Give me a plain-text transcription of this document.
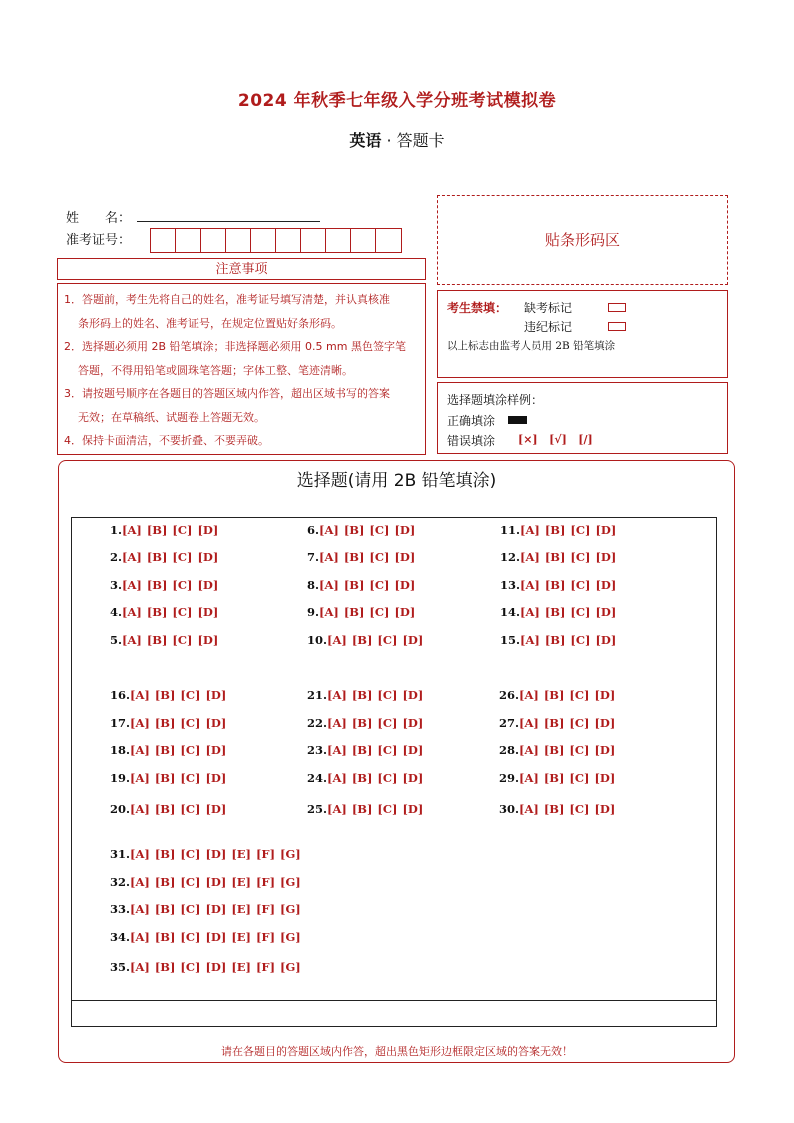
2024 年秋季七年级入学分班考试模拟卷
英语 · 答题卡
姓　　名：
准考证号：
注意事项
1．答题前，考生先将自己的姓名，准考证号填写清楚，并认真核准
条形码上的姓名、准考证号，在规定位置贴好条形码。
2．选择题必须用 2B 铅笔填涂；非选择题必须用 0.5 mm 黑色签字笔
答题，不得用铅笔或圆珠笔答题；字体工整、笔迹清晰。
3．请按题号顺序在各题目的答题区域内作答，超出区域书写的答案
无效；在草稿纸、试题卷上答题无效。
4．保持卡面清洁，不要折叠、不要弄破。
贴条形码区
考生禁填： 缺考标记
违纪标记
以上标志由监考人员用 2B 铅笔填涂
选择题填涂样例：
正确填涂
错误填涂 [×] [√] [/]
选择题(请用 2B 铅笔填涂)
1.[A] [B] [C] [D]
2.[A] [B] [C] [D]
3.[A] [B] [C] [D]
4.[A] [B] [C] [D]
5.[A] [B] [C] [D]
6.[A] [B] [C] [D]
7.[A] [B] [C] [D]
8.[A] [B] [C] [D]
9.[A] [B] [C] [D]
10.[A] [B] [C] [D]
11.[A] [B] [C] [D]
12.[A] [B] [C] [D]
13.[A] [B] [C] [D]
14.[A] [B] [C] [D]
15.[A] [B] [C] [D]
16.[A] [B] [C] [D]
17.[A] [B] [C] [D]
18.[A] [B] [C] [D]
19.[A] [B] [C] [D]
20.[A] [B] [C] [D]
21.[A] [B] [C] [D]
22.[A] [B] [C] [D]
23.[A] [B] [C] [D]
24.[A] [B] [C] [D]
25.[A] [B] [C] [D]
26.[A] [B] [C] [D]
27.[A] [B] [C] [D]
28.[A] [B] [C] [D]
29.[A] [B] [C] [D]
30.[A] [B] [C] [D]
31.[A] [B] [C] [D] [E] [F] [G]
32.[A] [B] [C] [D] [E] [F] [G]
33.[A] [B] [C] [D] [E] [F] [G]
34.[A] [B] [C] [D] [E] [F] [G]
35.[A] [B] [C] [D] [E] [F] [G]
请在各题目的答题区域内作答，超出黑色矩形边框限定区域的答案无效！
